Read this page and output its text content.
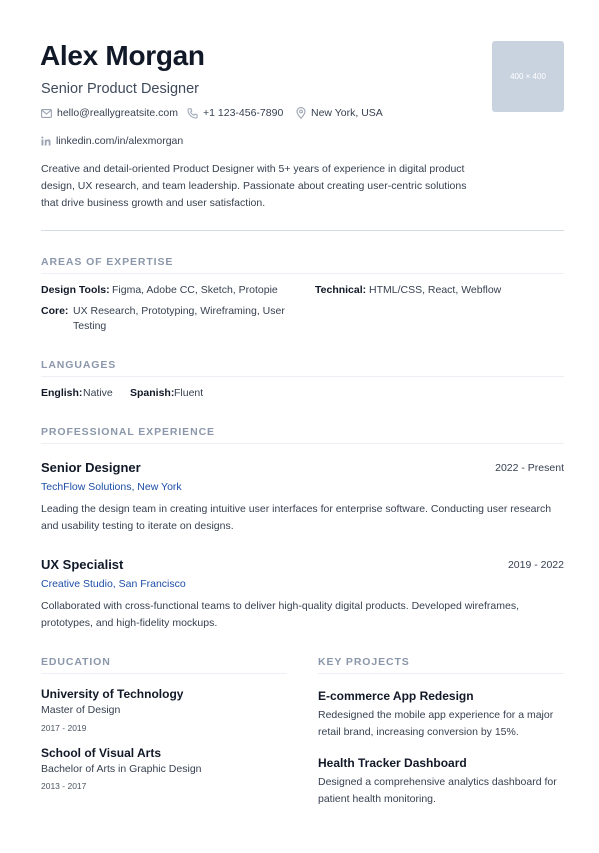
Alex Morgan
Senior Product Designer
400 × 400
hello@reallygreatsite.com +1 123-456-7890	New York, USA
linkedin.com/in/alexmorgan
Creative and detail-oriented Product Designer with 5+ years of experience in digital product design, UX research, and team leadership. Passionate about creating user-centric solutions that drive business growth and user satisfaction.
AREAS OF EXPERTISE
Design Tools: Figma, Adobe CC, Sketch, Protopie	Technical: HTML/CSS, React, Webflow
Core: UX Research, Prototyping, Wireframing, User
Testing
LANGUAGES
English: Native Spanish: Fluent
PROFESSIONAL EXPERIENCE
Senior Designer	2022 - Present
TechFlow Solutions, New York
Leading the design team in creating intuitive user interfaces for enterprise software. Conducting user research and usability testing to iterate on designs.
UX Specialist	2019 - 2022
Creative Studio, San Francisco
Collaborated with cross-functional teams to deliver high-quality digital products. Developed wireframes, prototypes, and high-fidelity mockups.
EDUCATION
University of Technology
Master of Design
2017 - 2019
School of Visual Arts
Bachelor of Arts in Graphic Design
2013 - 2017
KEY PROJECTS
E-commerce App Redesign
Redesigned the mobile app experience for a major retail brand, increasing conversion by 15%.
Health Tracker Dashboard
Designed a comprehensive analytics dashboard for patient health monitoring.
